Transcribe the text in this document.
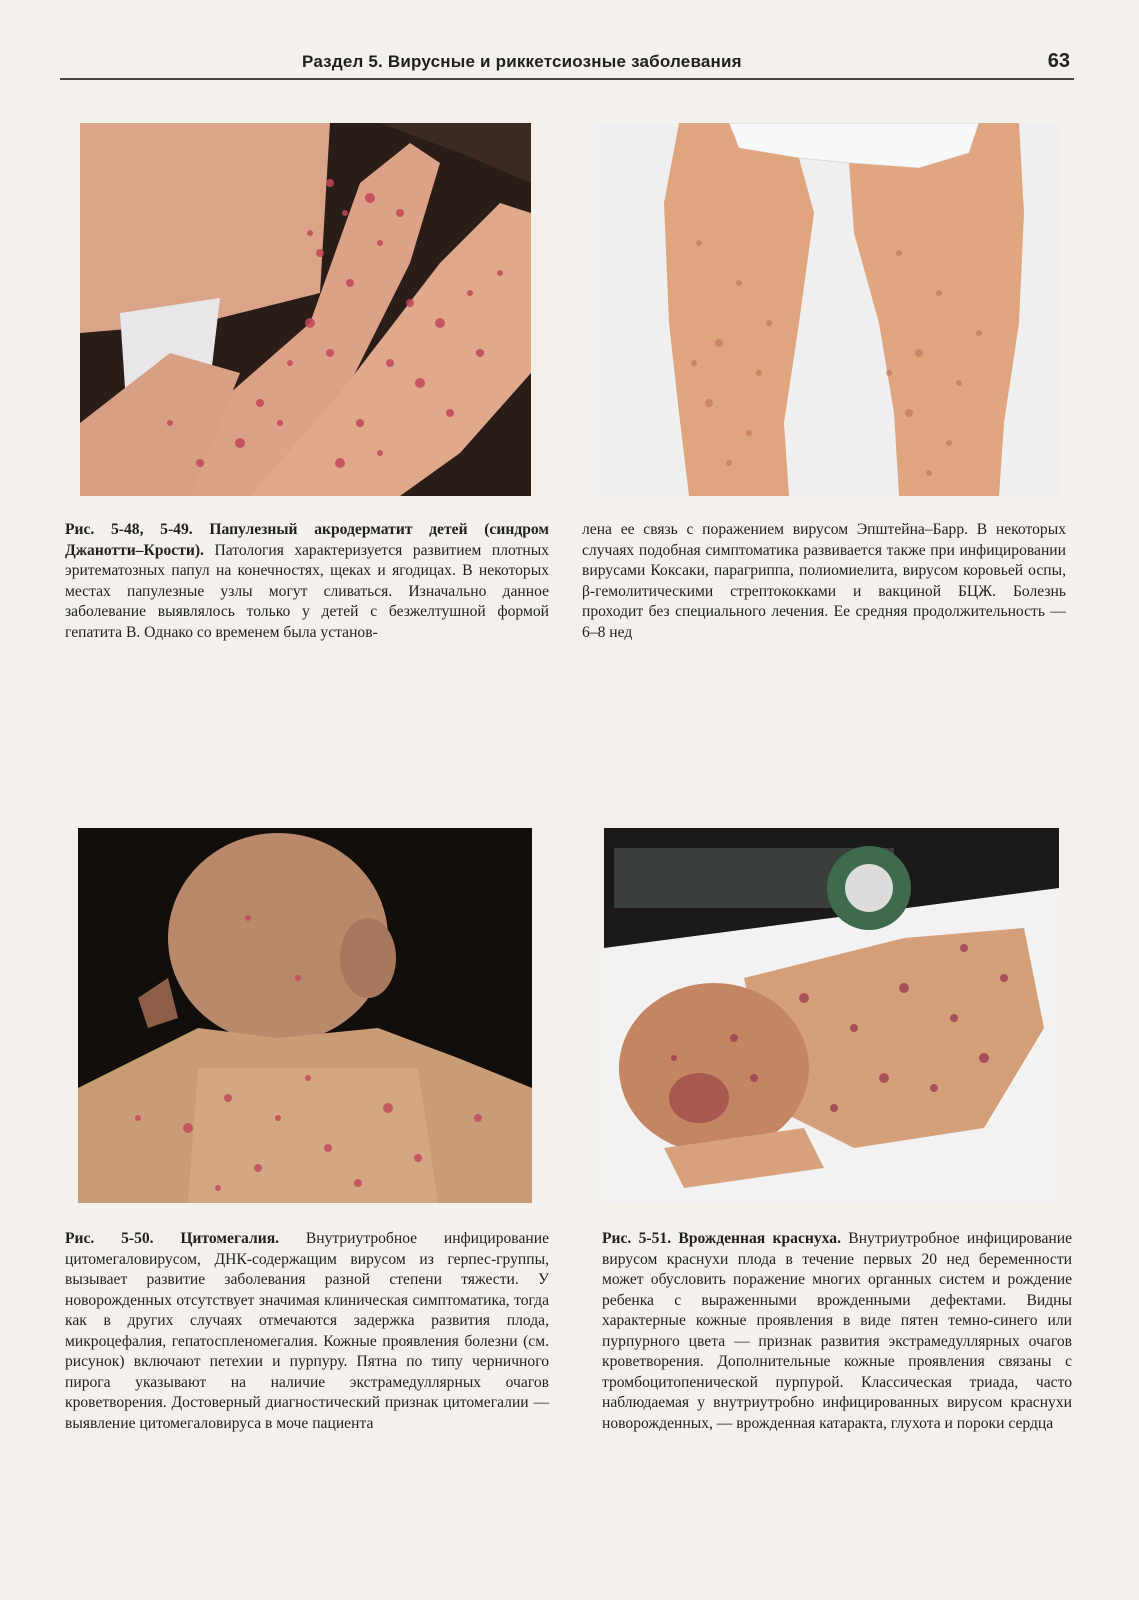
Раздел 5. Вирусные и риккетсиозные заболевания	63

Рис. 5-48, 5-49. Папулезный акродерматит детей (синдром Джанотти–Крости). Патология характеризуется развитием плотных эритематозных папул на конечностях, щеках и ягодицах. В некоторых местах папулезные узлы могут сливаться. Изначально данное заболевание выявлялось только у детей с безжелтушной формой гепатита В. Однако со временем была установ-

лена ее связь с поражением вирусом Эпштейна–Барр. В некоторых случаях подобная симптоматика развивается также при инфицировании вирусами Коксаки, парагриппа, полиомиелита, вирусом коровьей оспы, β-гемолитическими стрептококками и вакциной БЦЖ. Болезнь проходит без специального лечения. Ее средняя продолжительность — 6–8 нед

Рис. 5-50. Цитомегалия. Внутриутробное инфицирование цитомегаловирусом, ДНК-содержащим вирусом из герпес-группы, вызывает развитие заболевания разной степени тяжести. У новорожденных отсутствует значимая клиническая симптоматика, тогда как в других случаях отмечаются задержка развития плода, микроцефалия, гепатоспленомегалия. Кожные проявления болезни (см. рисунок) включают петехии и пурпуру. Пятна по типу черничного пирога указывают на наличие экстрамедуллярных очагов кроветворения. Достоверный диагностический признак цитомегалии — выявление цитомегаловируса в моче пациента

Рис. 5-51. Врожденная краснуха. Внутриутробное инфицирование вирусом краснухи плода в течение первых 20 нед беременности может обусловить поражение многих органных систем и рождение ребенка с выраженными врожденными дефектами. Видны характерные кожные проявления в виде пятен темно-синего или пурпурного цвета — признак развития экстрамедуллярных очагов кроветворения. Дополнительные кожные проявления связаны с тромбоцитопенической пурпурой. Классическая триада, часто наблюдаемая у внутриутробно инфицированных вирусом краснухи новорожденных, — врожденная катаракта, глухота и пороки сердца
